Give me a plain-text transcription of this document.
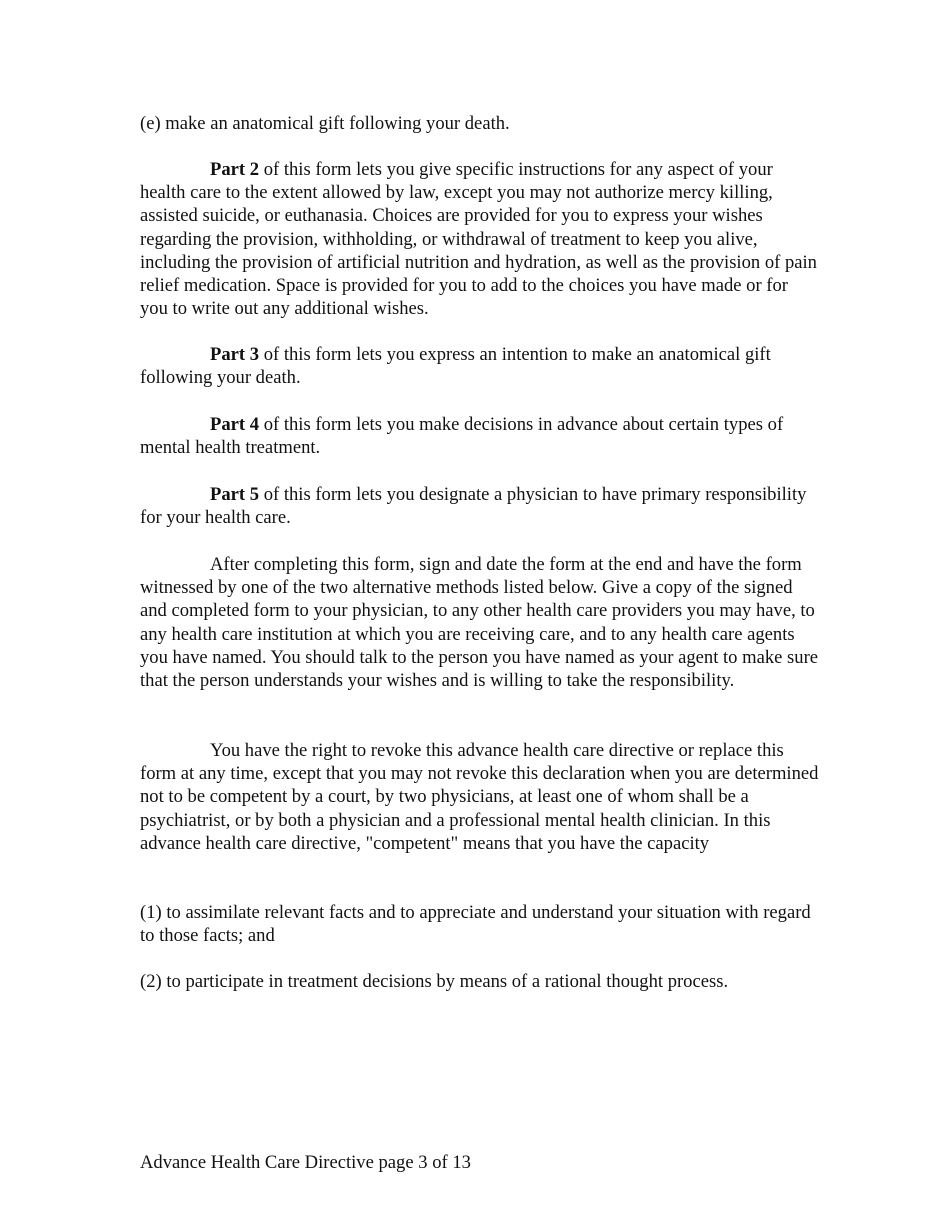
(e) make an anatomical gift following your death.

Part 2 of this form lets you give specific instructions for any aspect of your health care to the extent allowed by law, except you may not authorize mercy killing, assisted suicide, or euthanasia. Choices are provided for you to express your wishes regarding the provision, withholding, or withdrawal of treatment to keep you alive, including the provision of artificial nutrition and hydration, as well as the provision of pain relief medication. Space is provided for you to add to the choices you have made or for you to write out any additional wishes.

Part 3 of this form lets you express an intention to make an anatomical gift following your death.

Part 4 of this form lets you make decisions in advance about certain types of mental health treatment.

Part 5 of this form lets you designate a physician to have primary responsibility for your health care.

After completing this form, sign and date the form at the end and have the form witnessed by one of the two alternative methods listed below. Give a copy of the signed and completed form to your physician, to any other health care providers you may have, to any health care institution at which you are receiving care, and to any health care agents you have named. You should talk to the person you have named as your agent to make sure that the person understands your wishes and is willing to take the responsibility.

You have the right to revoke this advance health care directive or replace this form at any time, except that you may not revoke this declaration when you are determined not to be competent by a court, by two physicians, at least one of whom shall be a psychiatrist, or by both a physician and a professional mental health clinician. In this advance health care directive, "competent" means that you have the capacity

(1) to assimilate relevant facts and to appreciate and understand your situation with regard to those facts; and

(2) to participate in treatment decisions by means of a rational thought process.

Advance Health Care Directive page 3 of 13
